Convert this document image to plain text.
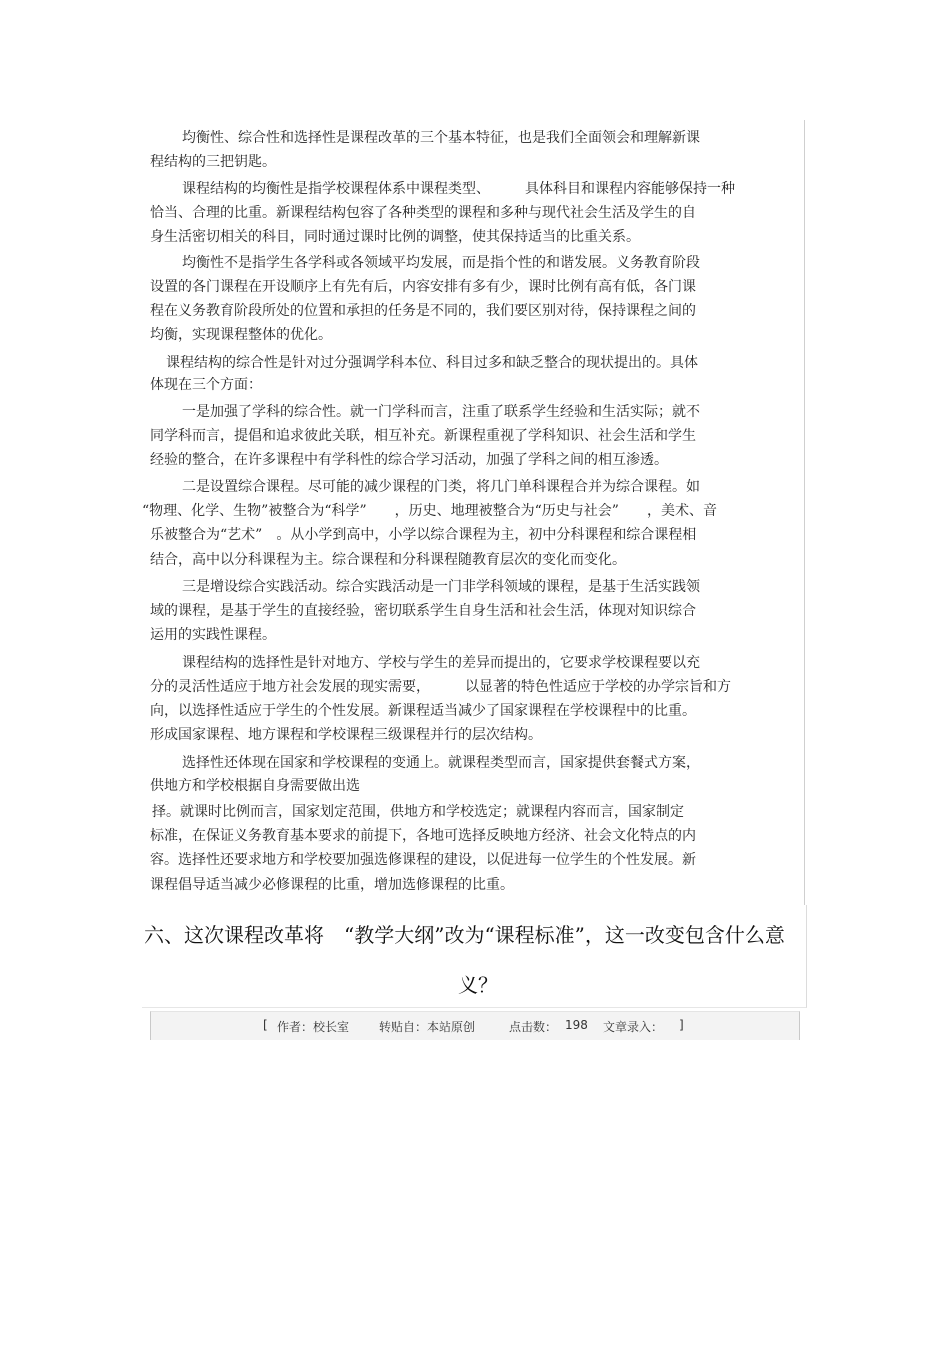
均衡性、综合性和选择性是课程改革的三个基本特征，也是我们全面领会和理解新课
程结构的三把钥匙。
课程结构的均衡性是指学校课程体系中课程类型、　　　具体科目和课程内容能够保持一种
恰当、合理的比重。新课程结构包容了各种类型的课程和多种与现代社会生活及学生的自
身生活密切相关的科目，同时通过课时比例的调整，使其保持适当的比重关系。
均衡性不是指学生各学科或各领域平均发展，而是指个性的和谐发展。义务教育阶段
设置的各门课程在开设顺序上有先有后，内容安排有多有少，课时比例有高有低，各门课
程在义务教育阶段所处的位置和承担的任务是不同的，我们要区别对待，保持课程之间的
均衡，实现课程整体的优化。
课程结构的综合性是针对过分强调学科本位、科目过多和缺乏整合的现状提出的。具体
体现在三个方面：
一是加强了学科的综合性。就一门学科而言，注重了联系学生经验和生活实际；就不
同学科而言，提倡和追求彼此关联，相互补充。新课程重视了学科知识、社会生活和学生
经验的整合，在许多课程中有学科性的综合学习活动，加强了学科之间的相互渗透。
二是设置综合课程。尽可能的减少课程的门类，将几门单科课程合并为综合课程。如
“物理、化学、生物”被整合为“科学”　　，历史、地理被整合为“历史与社会”　　，美术、音
乐被整合为“艺术”　。从小学到高中，小学以综合课程为主，初中分科课程和综合课程相
结合，高中以分科课程为主。综合课程和分科课程随教育层次的变化而变化。
三是增设综合实践活动。综合实践活动是一门非学科领域的课程，是基于生活实践领
域的课程，是基于学生的直接经验，密切联系学生自身生活和社会生活，体现对知识综合
运用的实践性课程。
课程结构的选择性是针对地方、学校与学生的差异而提出的，它要求学校课程要以充
分的灵活性适应于地方社会发展的现实需要，　　　以显著的特色性适应于学校的办学宗旨和方
向，以选择性适应于学生的个性发展。新课程适当减少了国家课程在学校课程中的比重。
形成国家课程、地方课程和学校课程三级课程并行的层次结构。
选择性还体现在国家和学校课程的变通上。就课程类型而言，国家提供套餐式方案，
供地方和学校根据自身需要做出选
择。就课时比例而言，国家划定范围，供地方和学校选定；就课程内容而言，国家制定
标准，在保证义务教育基本要求的前提下，各地可选择反映地方经济、社会文化特点的内
容。选择性还要求地方和学校要加强选修课程的建设，以促进每一位学生的个性发展。新
课程倡导适当减少必修课程的比重，增加选修课程的比重。
六、这次课程改革将　“教学大纲”改为“课程标准”，这一改变包含什么意
义？
[ 作者：校长室 转贴自：本站原创	点击数： 198 文章录入： ]
